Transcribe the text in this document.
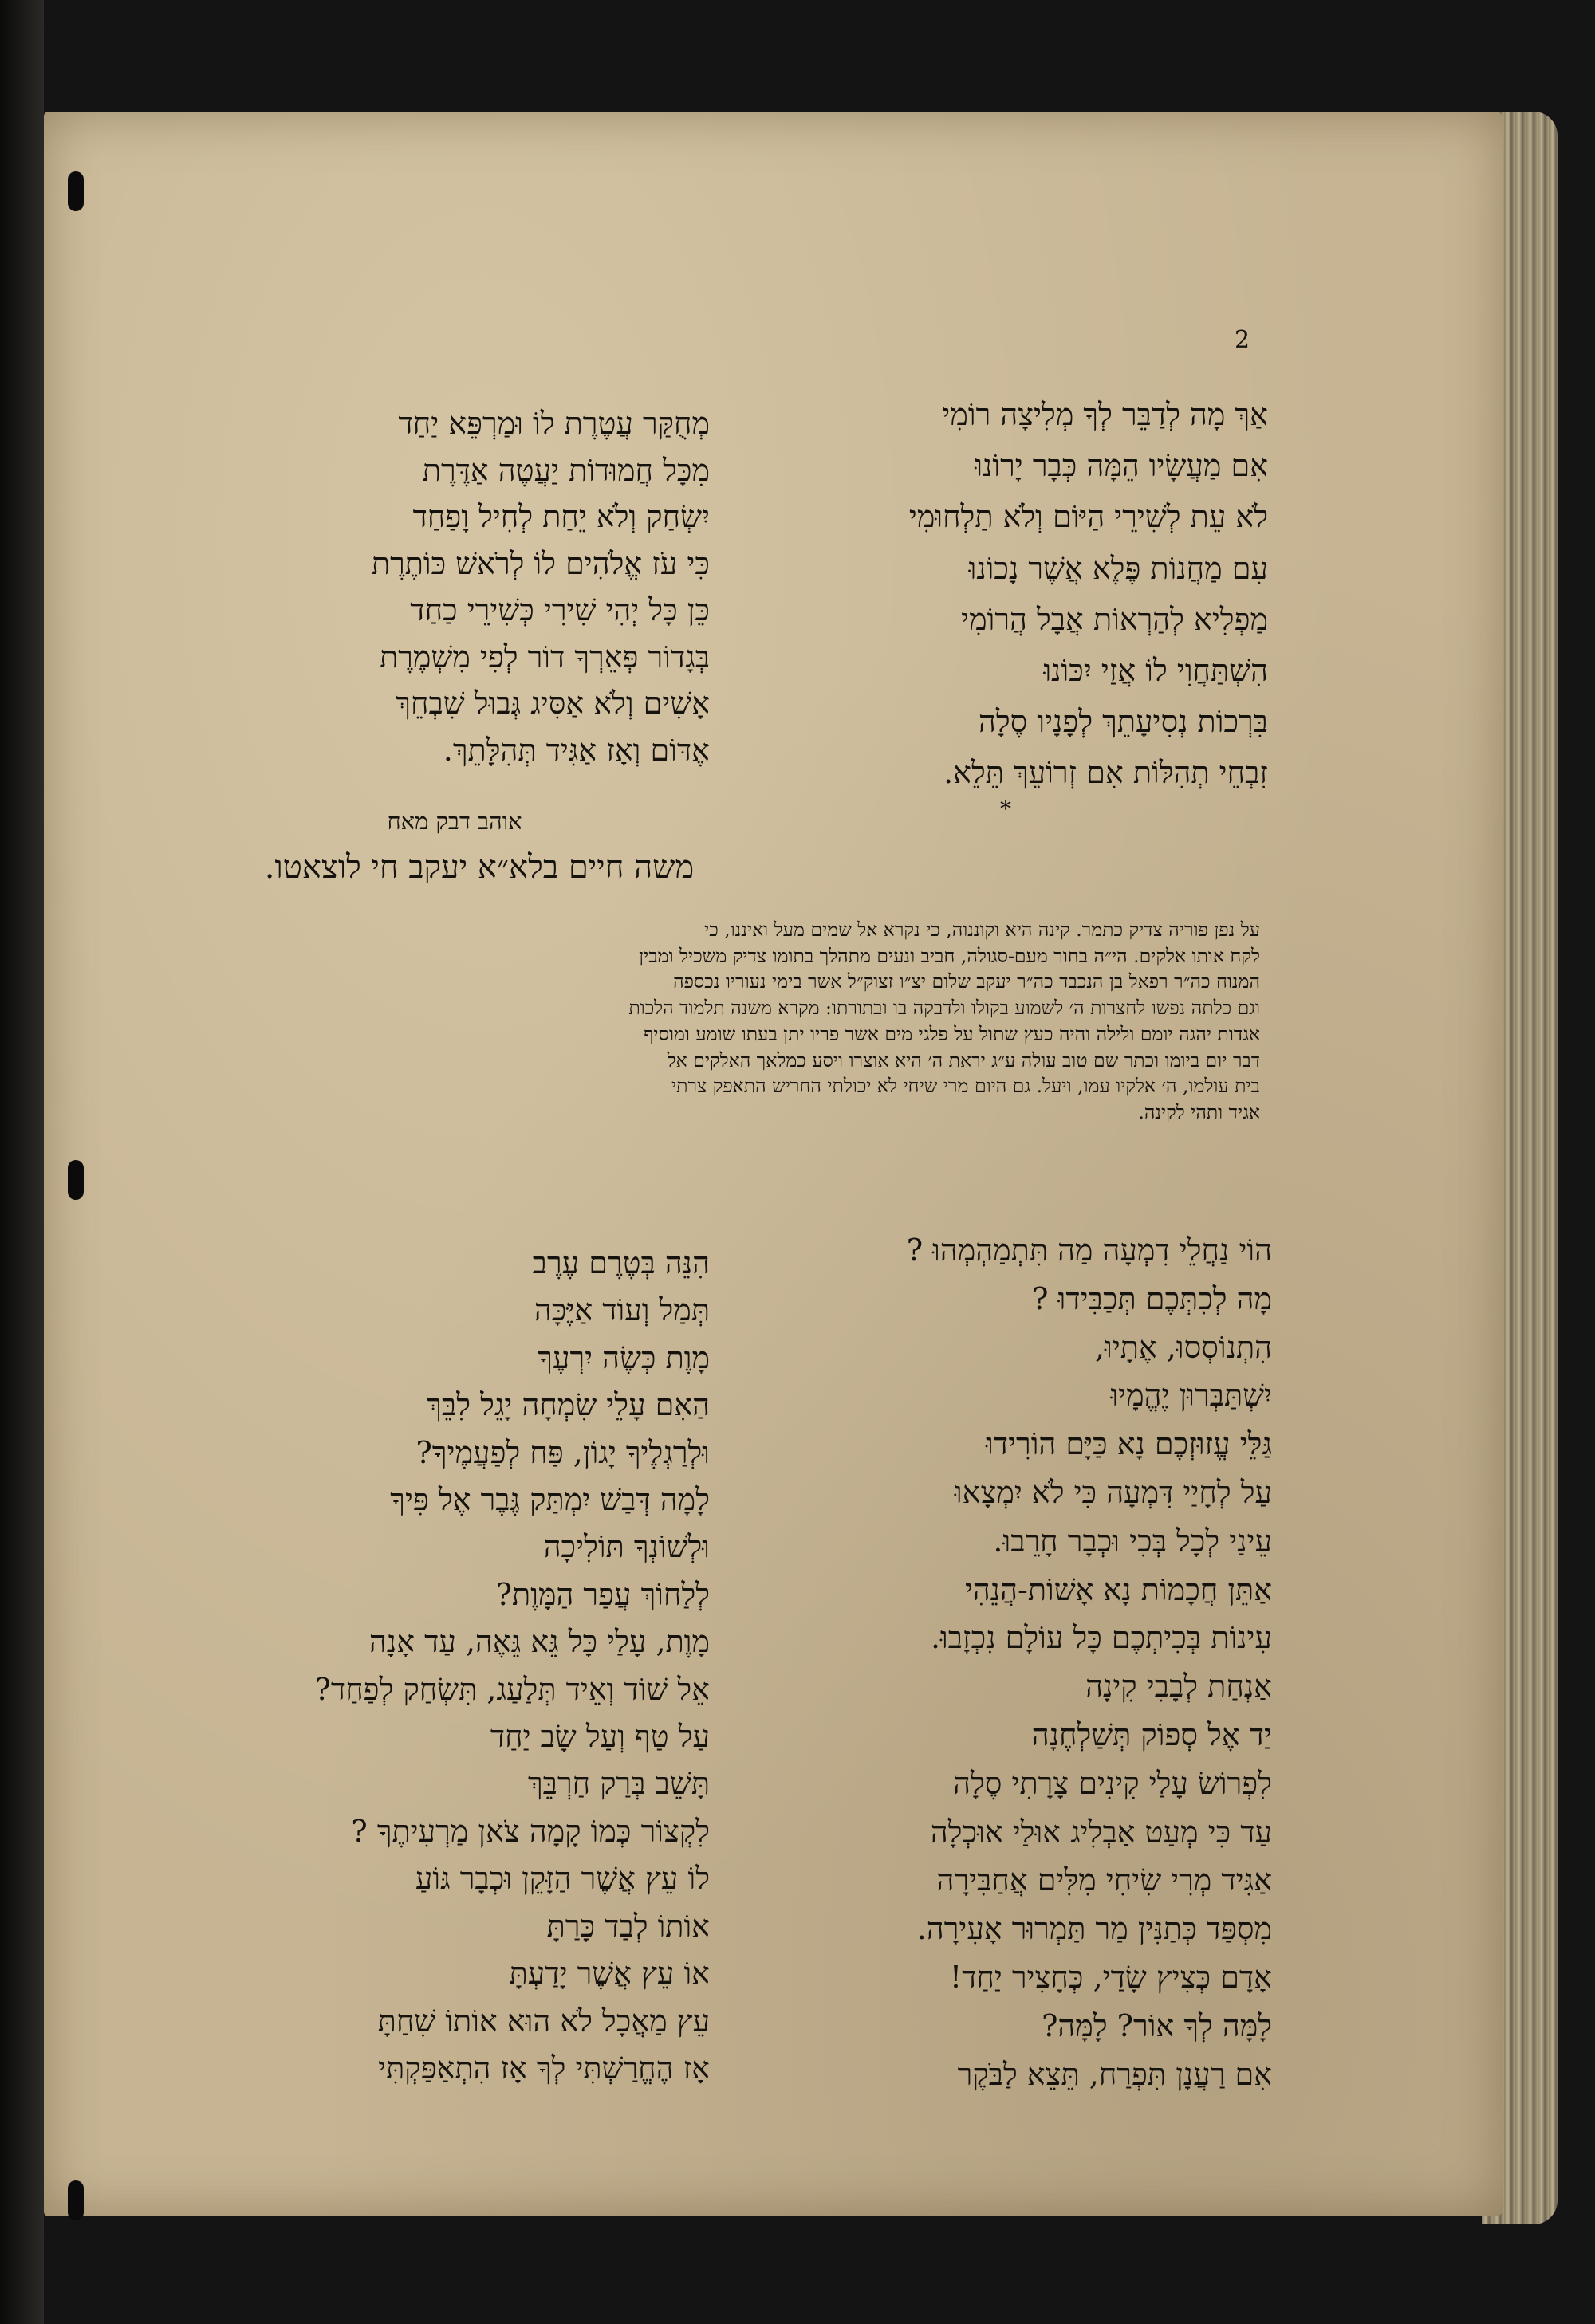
2
אַךְ מָה לְדַבֵּר לְךָ מְלִיצָה רוֹמִי
אִם מַעֲשָׂיו הֵמָּה כְּבָר יָרוֹנוּ
לֹא עֵת לְשִׁירֵי הַיּוֹם וְלֹא תַלְחוּמִי
עִם מַחֲנוֹת פֶּלֶא אֲשֶׁר נָכוֹנוּ
מַפְלִיא לְהַרְאוֹת אֲבָל הֲרוֹמִי
הִשְׁתַּחֲוִי לוֹ אֲזַי יִכּוֹנוּ
בִּרְכוֹת נְסִיעָתֵךְ לְפָנָיו סֶלָה
זִבְחֵי תְהִלּוֹת אִם זְרוֹעֵךְ תֵּלֵא.
מְחֻקַּר עֲטֶרֶת לוֹ וּמַרְפֵּא יַחַד
מִכָּל חֲמוּדוֹת יַעֲטֶה אַדֶּרֶת
יִשְׂחַק וְלֹא יֵחַת לְחִיל וָפַחַד
כִּי עֹז אֱלֹהִים לוֹ לְרֹאשׁ כּוֹתֶרֶת
כֵּן כָּל יְהִי שִׁירִי כְּשִׁירֵי כַחַד
בְּגָדוֹר פְּאֵרְךָ דוֹר לְפִי מִשְׁמֶרֶת
אָשִׁים וְלֹא אַסִּיג גְּבוּל שִׁבְחֵךְ
אֶדּוֹם וְאָז אַגִּיד תְּהִלָּתֵךְ.
אוהב דבק מאח
משה חיים בלא״א יעקב חי לוצאטו.
*
על נפן פוריה צדיק כתמר. קינה היא וקוננוה, כי נקרא אל שמים מעל ואיננו, כי
לקח אותו אלקים. הי״ה בחור מעם-סגולה, חביב ונעים מתהלך בתומו צדיק משכיל ומבין
המנוח כה״ר רפאל בן הנכבד כה״ר יעקב שלום יצ״ו זצוק״ל אשר בימי נעוריו נכספה
וגם כלתה נפשו לחצרות ה׳ לשמוע בקולו ולדבקה בו ובתורתו: מקרא משנה תלמוד הלכות
אגדות יהגה יומם ולילה והיה כעץ שתול על פלגי מים אשר פריו יתן בעתו שומע ומוסיף
דבר יום ביומו וכתר שם טוב עולה ע״ג יראת ה׳ היא אוצרו ויסע כמלאך האלקים אל
בית עולמו, ה׳ אלקיו עמו, ויעל. גם היום מרי שיחי לא יכולתי החריש התאפק צרתי
אגיד ותהי לקינה.
הוֹי נַחֲלֵי דִמְעָה מַה תִּתְמַהְמְהוּ ?
מָה לְכִתְּכֶם תְּכַבִּידוּ ?
הִתְנוֹסְסוּ, אֶתָיוּ,
יִשְׁתַּבְּרוּן יֶהֱמָיוּ
גַּלֵּי עֱזוּזְכֶם נָא כַּיָּם הוֹרִידוּ
עַל לְחָיַי דִּמְעָה כִּי לֹא יִמְצָאוּ
עֵינַי לְכָל בְּכִי וּכְבָר חָרֵבוּ.
אַתֵּן חֲכָמוֹת נָא אָשׁוֹת-הֲנֵהִי
עִינוֹת בְּכִיתְכֶם כָּל עוֹלָם נִכְזָבוּ.
אַנְחַת לְבָבִי קִינָה
יַד אֶל סְפוֹק תְּשַׁלְחֶנָה
לִפְרוֹשׂ עָלַי קִינִים צָרָתִי סֶלָה
עַד כִּי מְעַט אַבְלִיג אוּלַי אוּכְלָה
אַגִּיד מְרִי שִׂיחִי מִלִּים אֲחַבִּירָה
מִסְפַּד כְּתַנִּין מַר תַּמְרוּר אָעִירָה.
אָדָם כְּצִיץ שָׂדַי, כְּחָצִיר יַחַד!
לָמָּה לְךָ אוֹר? לָמָּה?
אִם רַעֲנָן תִּפְרַח, תֵּצֵא לַבֹּקֶר
הִנֵּה בְּטֶרֶם עֶרֶב
תְּמַל וְעוֹד אַיֶּכָּה
מָוֶת כְּשֶׂה יִרְעֶךָ
הַאִם עָלֵי שִׂמְחָה יָגֵל לִבֵּךְ
וּלְרַגְלֶיךָ יָגוֹן, פַּח לְפַעֲמֶיךָ?
לָמָה דְּבַשׁ יִמְתַּק גֶּבֶר אֶל פִּיךָ
וּלְשׁוֹנְךָ תּוֹלִיכָה
לְלַחוֹךְ עֲפַר הַמָּוֶת?
מָוֶת, עָלַי כָּל גֵּא גֵּאֶה, עַד אָנָה
אֵל שׁוֹד וְאֵיד תְּלַעַג, תִּשְׂחַק לְפַחַד?
עַל טַף וְעַל שָׂב יַחַד
תָּשֵׁב בְּרַק חַרְבֵּךְ
לִקְצוֹר כְּמוֹ קָמָה צֹאן מַרְעִיתֶךָ ?
לוֹ עֵץ אֲשֶׁר הַזָּקֵן וּכְבָר גּוֹעַ
אוֹתוֹ לְבַד כָּרַתָּ
אוֹ עֵץ אֲשֶׁר יָדַעְתָּ
עֵץ מַאֲכָל לֹא הוּא אוֹתוֹ שִׁחַתָּ
אָז הֶחֱרַשְׁתִּי לְךָ אָז הִתְאַפַּקְתִּי
